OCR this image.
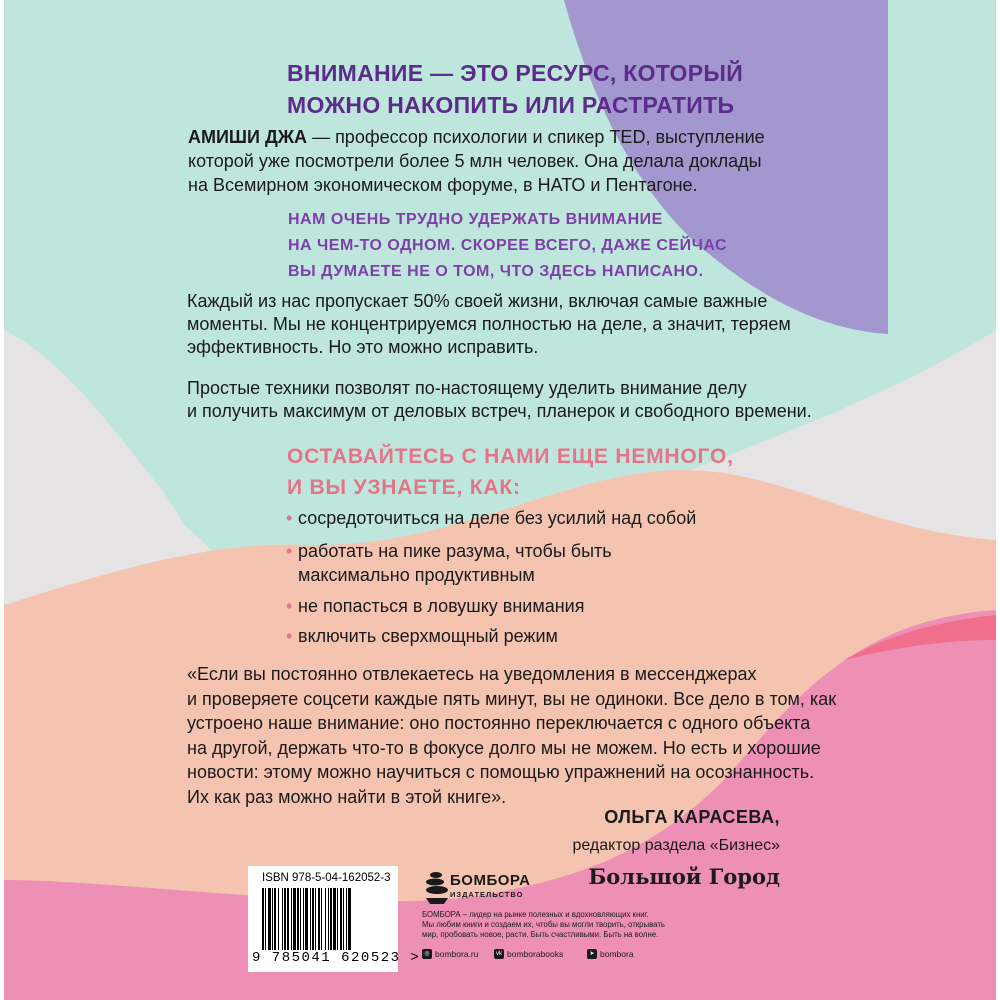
ВНИМАНИЕ — ЭТО РЕСУРС, КОТОРЫЙ
МОЖНО НАКОПИТЬ ИЛИ РАСТРАТИТЬ
АМИШИ ДЖА — профессор психологии и спикер TED, выступление
которой уже посмотрели более 5 млн человек. Она делала доклады
на Всемирном экономическом форуме, в НАТО и Пентагоне.
НАМ ОЧЕНЬ ТРУДНО УДЕРЖАТЬ ВНИМАНИЕ
НА ЧЕМ-ТО ОДНОМ. СКОРЕЕ ВСЕГО, ДАЖЕ СЕЙЧАС
ВЫ ДУМАЕТЕ НЕ О ТОМ, ЧТО ЗДЕСЬ НАПИСАНО.
Каждый из нас пропускает 50% своей жизни, включая самые важные
моменты. Мы не концентрируемся полностью на деле, а значит, теряем
эффективность. Но это можно исправить.
Простые техники позволят по-настоящему уделить внимание делу
и получить максимум от деловых встреч, планерок и свободного времени.
ОСТАВАЙТЕСЬ С НАМИ ЕЩЕ НЕМНОГО,
И ВЫ УЗНАЕТЕ, КАК:
• сосредоточиться на деле без усилий над собой
• работать на пике разума, чтобы быть
максимально продуктивным
• не попасться в ловушку внимания
• включить сверхмощный режим
«Если вы постоянно отвлекаетесь на уведомления в мессенджерах
и проверяете соцсети каждые пять минут, вы не одиноки. Все дело в том, как
устроено наше внимание: оно постоянно переключается с одного объекта
на другой, держать что-то в фокусе долго мы не можем. Но есть и хорошие
новости: этому можно научиться с помощью упражнений на осознанность.
Их как раз можно найти в этой книге».
ОЛЬГА КАРАСЕВА,
редактор раздела «Бизнес»
Большой Город
ISBN 978-5-04-162052-3
9 785041 620523 >
БОМБОРА
ИЗДАТЕЛЬСТВО
БОМБОРА – лидер на рынке полезных и вдохновляющих книг.
Мы любим книги и создаем их, чтобы вы могли творить, открывать
мир, пробовать новое, расти. Быть счастливыми. Быть на волне.
◎ bombora.ru	vk bomborabooks	➤ bombora
